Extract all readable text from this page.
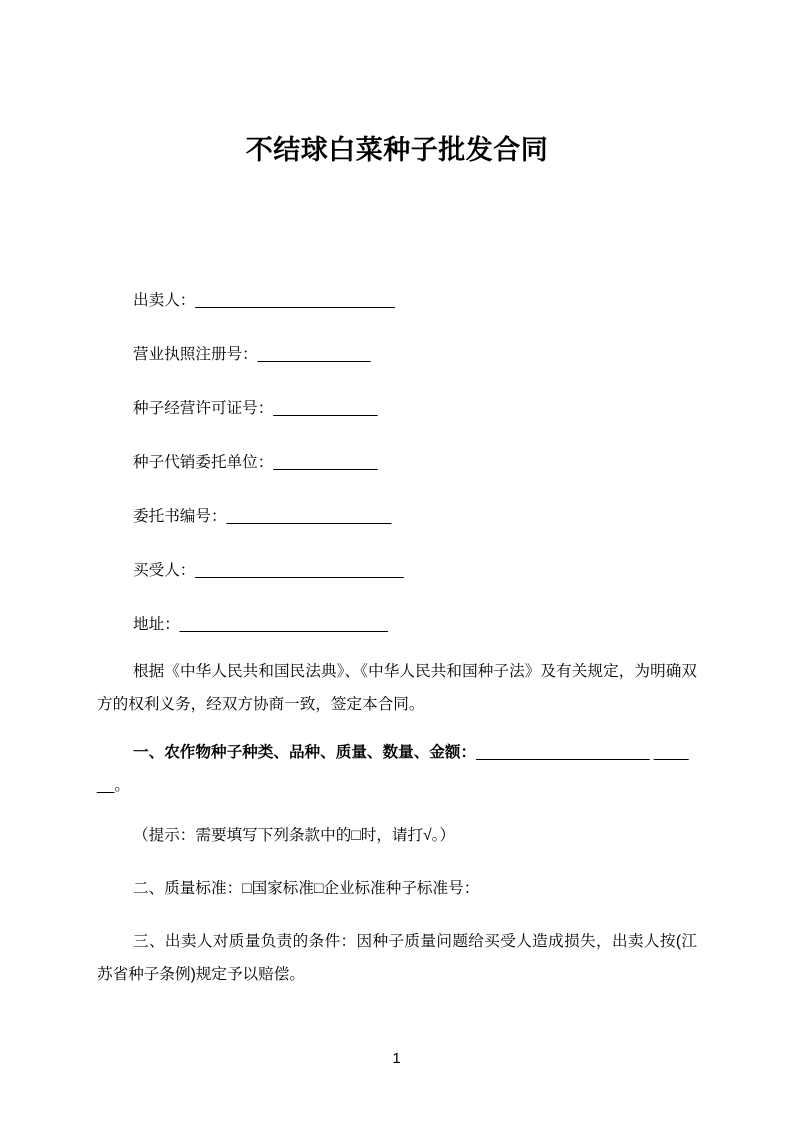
不结球白菜种子批发合同

出卖人：_______________________

营业执照注册号：_____________

种子经营许可证号：____________

种子代销委托单位：____________

委托书编号：___________________

买受人：________________________

地址：________________________

根据《中华人民共和国民法典》、《中华人民共和国种子法》及有关规定，为明确双方的权利义务，经双方协商一致，签定本合同。

一、农作物种子种类、品种、质量、数量、金额：____________________ ____
__。

（提示：需要填写下列条款中的□时，请打√。）

二、质量标准：□国家标准□企业标准种子标准号：

三、出卖人对质量负责的条件：因种子质量问题给买受人造成损失，出卖人按(江苏省种子条例)规定予以赔偿。

1
